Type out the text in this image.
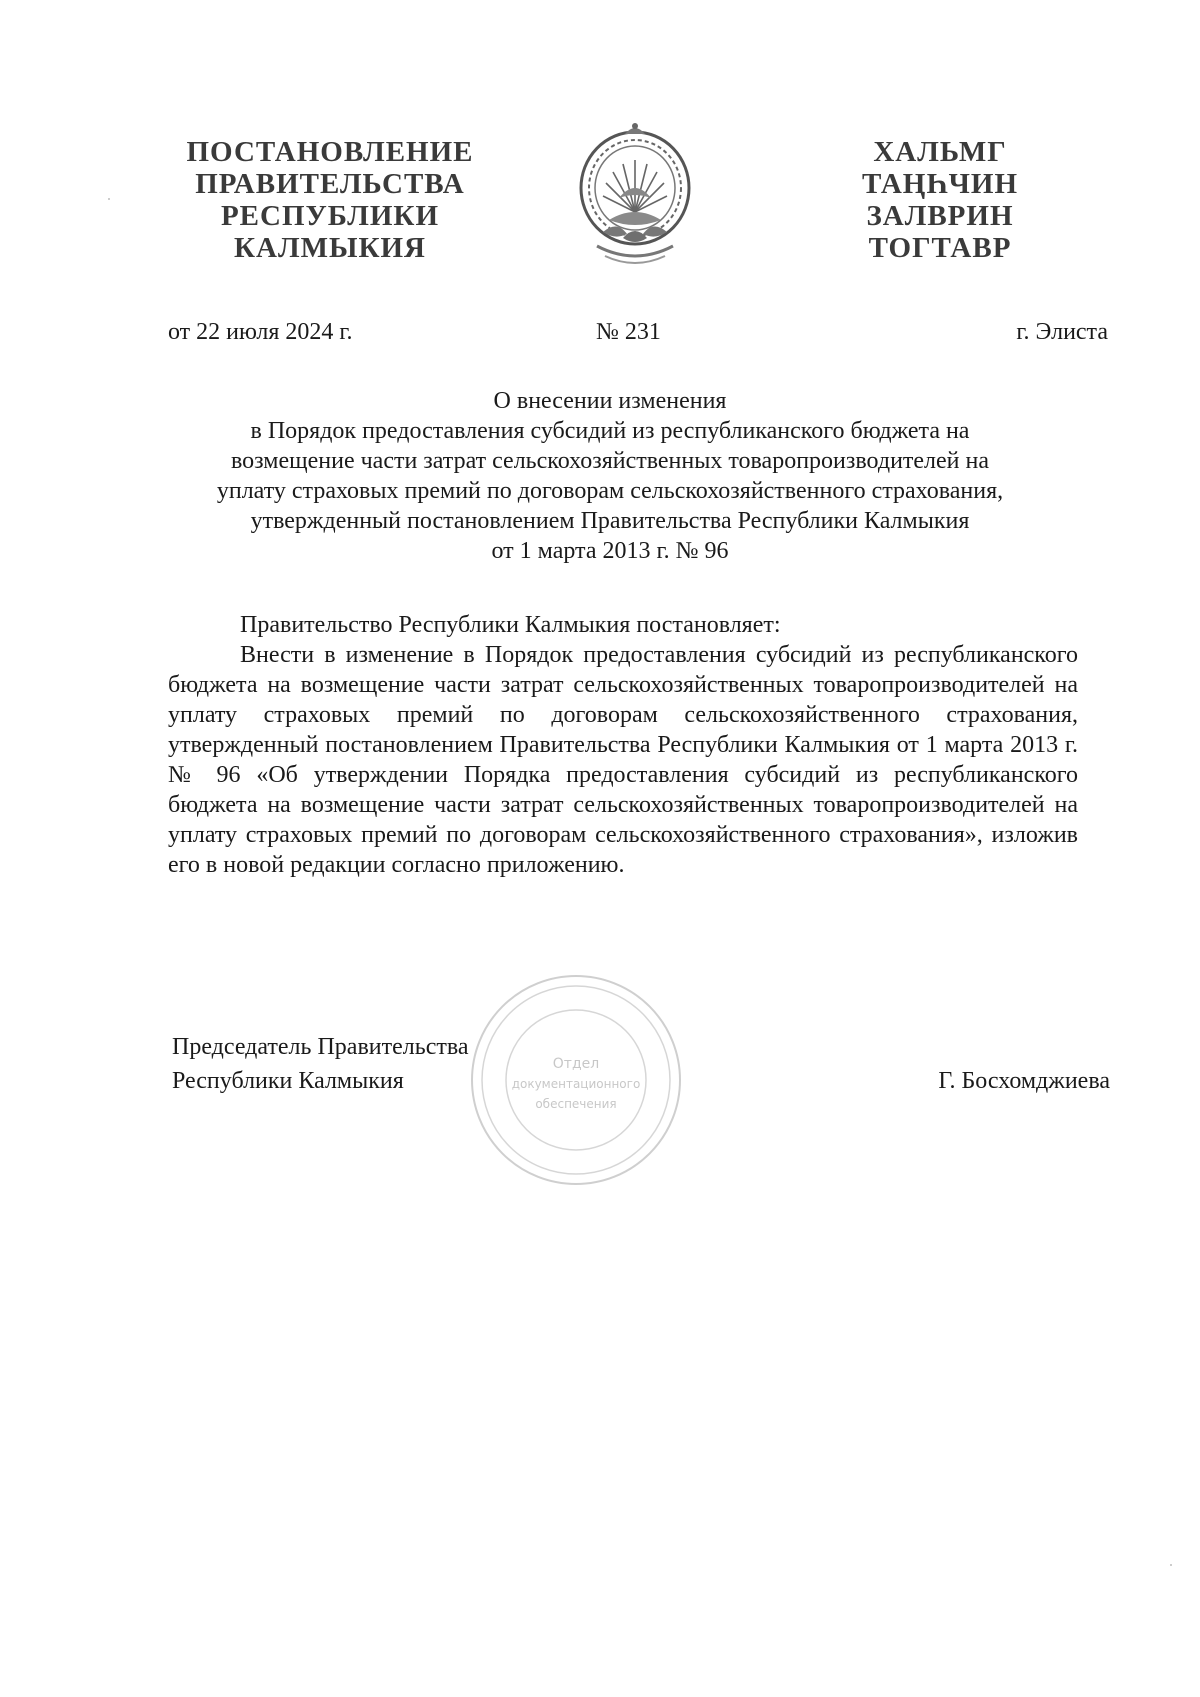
ПОСТАНОВЛЕНИЕ
ПРАВИТЕЛЬСТВА
РЕСПУБЛИКИ
КАЛМЫКИЯ
ХАЛЬМГ
ТАҢҺЧИН
ЗАЛВРИН
ТОГТАВР
от 22 июля 2024 г.	№ 231	г. Элиста
О внесении изменения
в Порядок предоставления субсидий из республиканского бюджета на
возмещение части затрат сельскохозяйственных товаропроизводителей на
уплату страховых премий по договорам сельскохозяйственного страхования,
утвержденный постановлением Правительства Республики Калмыкия
от 1 марта 2013 г. № 96
Правительство Республики Калмыкия постановляет:

Внести в изменение в Порядок предоставления субсидий из республиканского бюджета на возмещение части затрат сельскохозяйственных товаропроизводителей на уплату страховых премий по договорам сельскохозяйственного страхования, утвержденный постановлением Правительства Республики Калмыкия от 1 марта 2013 г. № 96 «Об утверждении Порядка предоставления субсидий из республиканского бюджета на возмещение части затрат сельскохозяйственных товаропроизводителей на уплату страховых премий по договорам сельскохозяйственного страхования», изложив его в новой редакции согласно приложению.

Отдел
документационного
обеспечения
Председатель Правительства
Республики Калмыкия	Г. Босхомджиева
